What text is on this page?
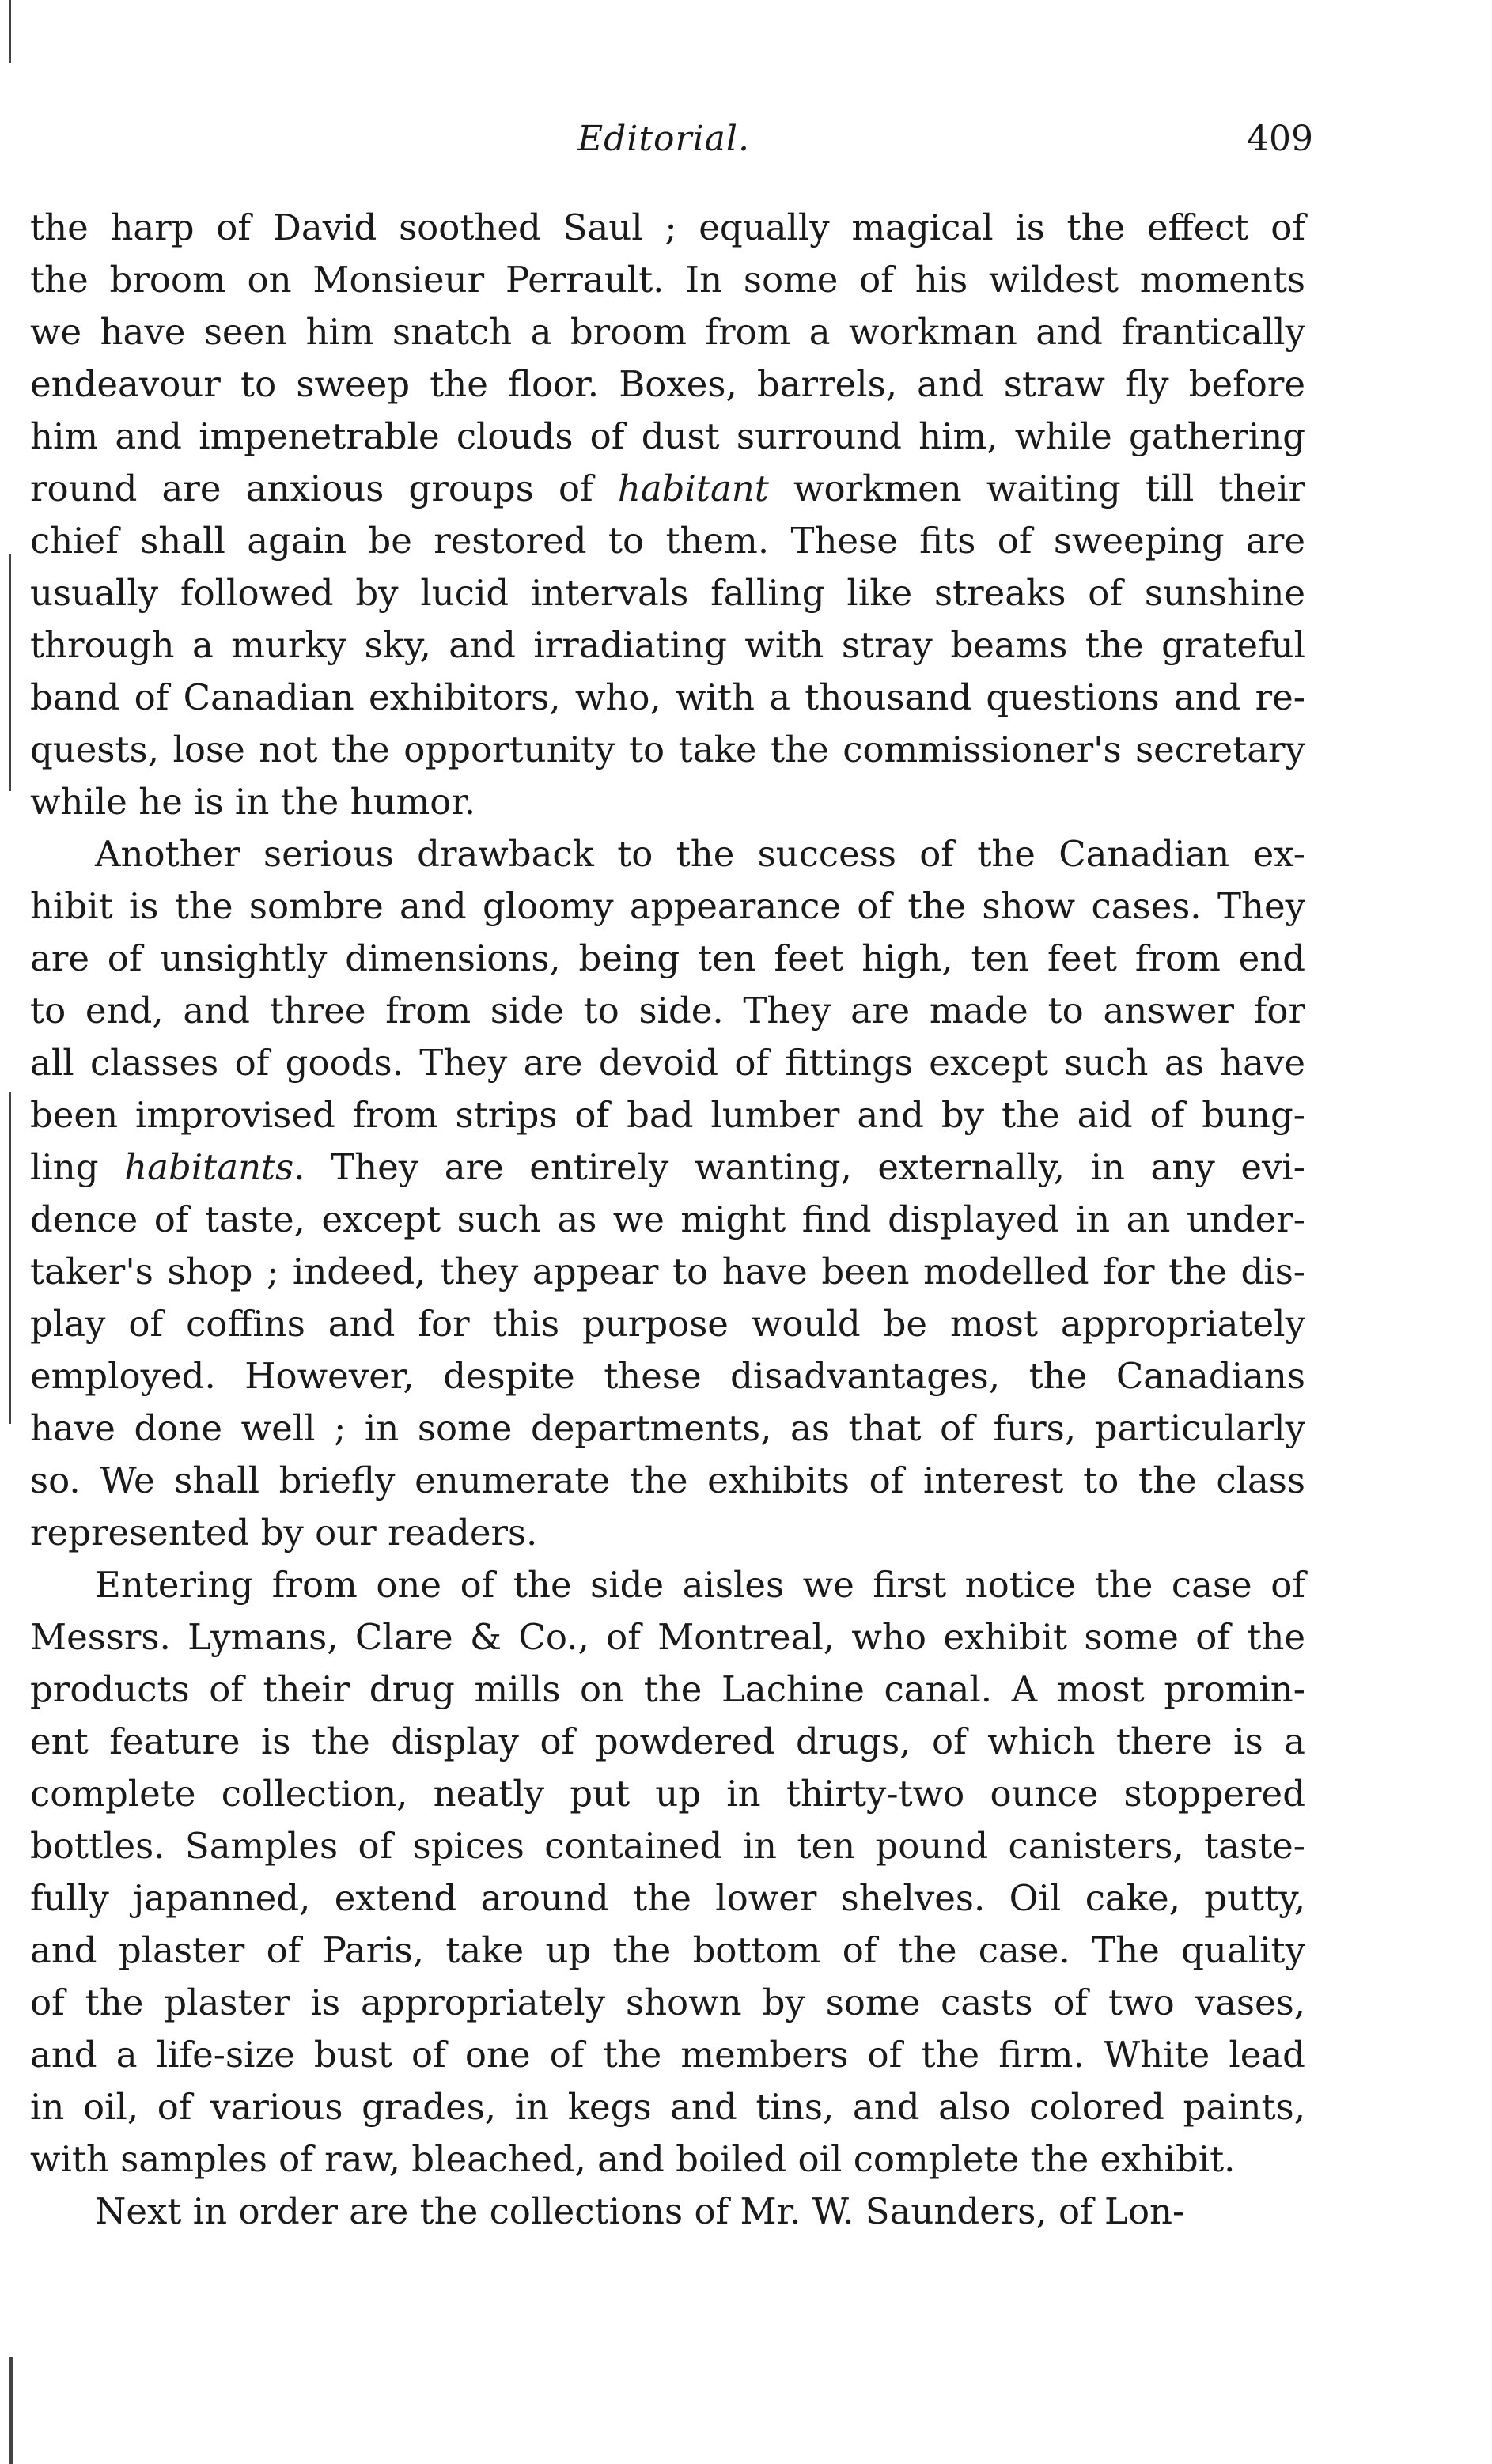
Editorial.	409
the harp of David soothed Saul ; equally magical is the effect of
the broom on Monsieur Perrault. In some of his wildest moments
we have seen him snatch a broom from a workman and frantically
endeavour to sweep the floor. Boxes, barrels, and straw fly before
him and impenetrable clouds of dust surround him, while gathering
round are anxious groups of habitant workmen waiting till their
chief shall again be restored to them. These fits of sweeping are
usually followed by lucid intervals falling like streaks of sunshine
through a murky sky, and irradiating with stray beams the grateful
band of Canadian exhibitors, who, with a thousand questions and re-
quests, lose not the opportunity to take the commissioner's secretary
while he is in the humor.
Another serious drawback to the success of the Canadian ex-
hibit is the sombre and gloomy appearance of the show cases. They
are of unsightly dimensions, being ten feet high, ten feet from end
to end, and three from side to side. They are made to answer for
all classes of goods. They are devoid of fittings except such as have
been improvised from strips of bad lumber and by the aid of bung-
ling habitants. They are entirely wanting, externally, in any evi-
dence of taste, except such as we might find displayed in an under-
taker's shop ; indeed, they appear to have been modelled for the dis-
play of coffins and for this purpose would be most appropriately
employed. However, despite these disadvantages, the Canadians
have done well ; in some departments, as that of furs, particularly
so. We shall briefly enumerate the exhibits of interest to the class
represented by our readers.
Entering from one of the side aisles we first notice the case of
Messrs. Lymans, Clare & Co., of Montreal, who exhibit some of the
products of their drug mills on the Lachine canal. A most promin-
ent feature is the display of powdered drugs, of which there is a
complete collection, neatly put up in thirty-two ounce stoppered
bottles. Samples of spices contained in ten pound canisters, taste-
fully japanned, extend around the lower shelves. Oil cake, putty,
and plaster of Paris, take up the bottom of the case. The quality
of the plaster is appropriately shown by some casts of two vases,
and a life-size bust of one of the members of the firm. White lead
in oil, of various grades, in kegs and tins, and also colored paints,
with samples of raw, bleached, and boiled oil complete the exhibit.
Next in order are the collections of Mr. W. Saunders, of Lon-
